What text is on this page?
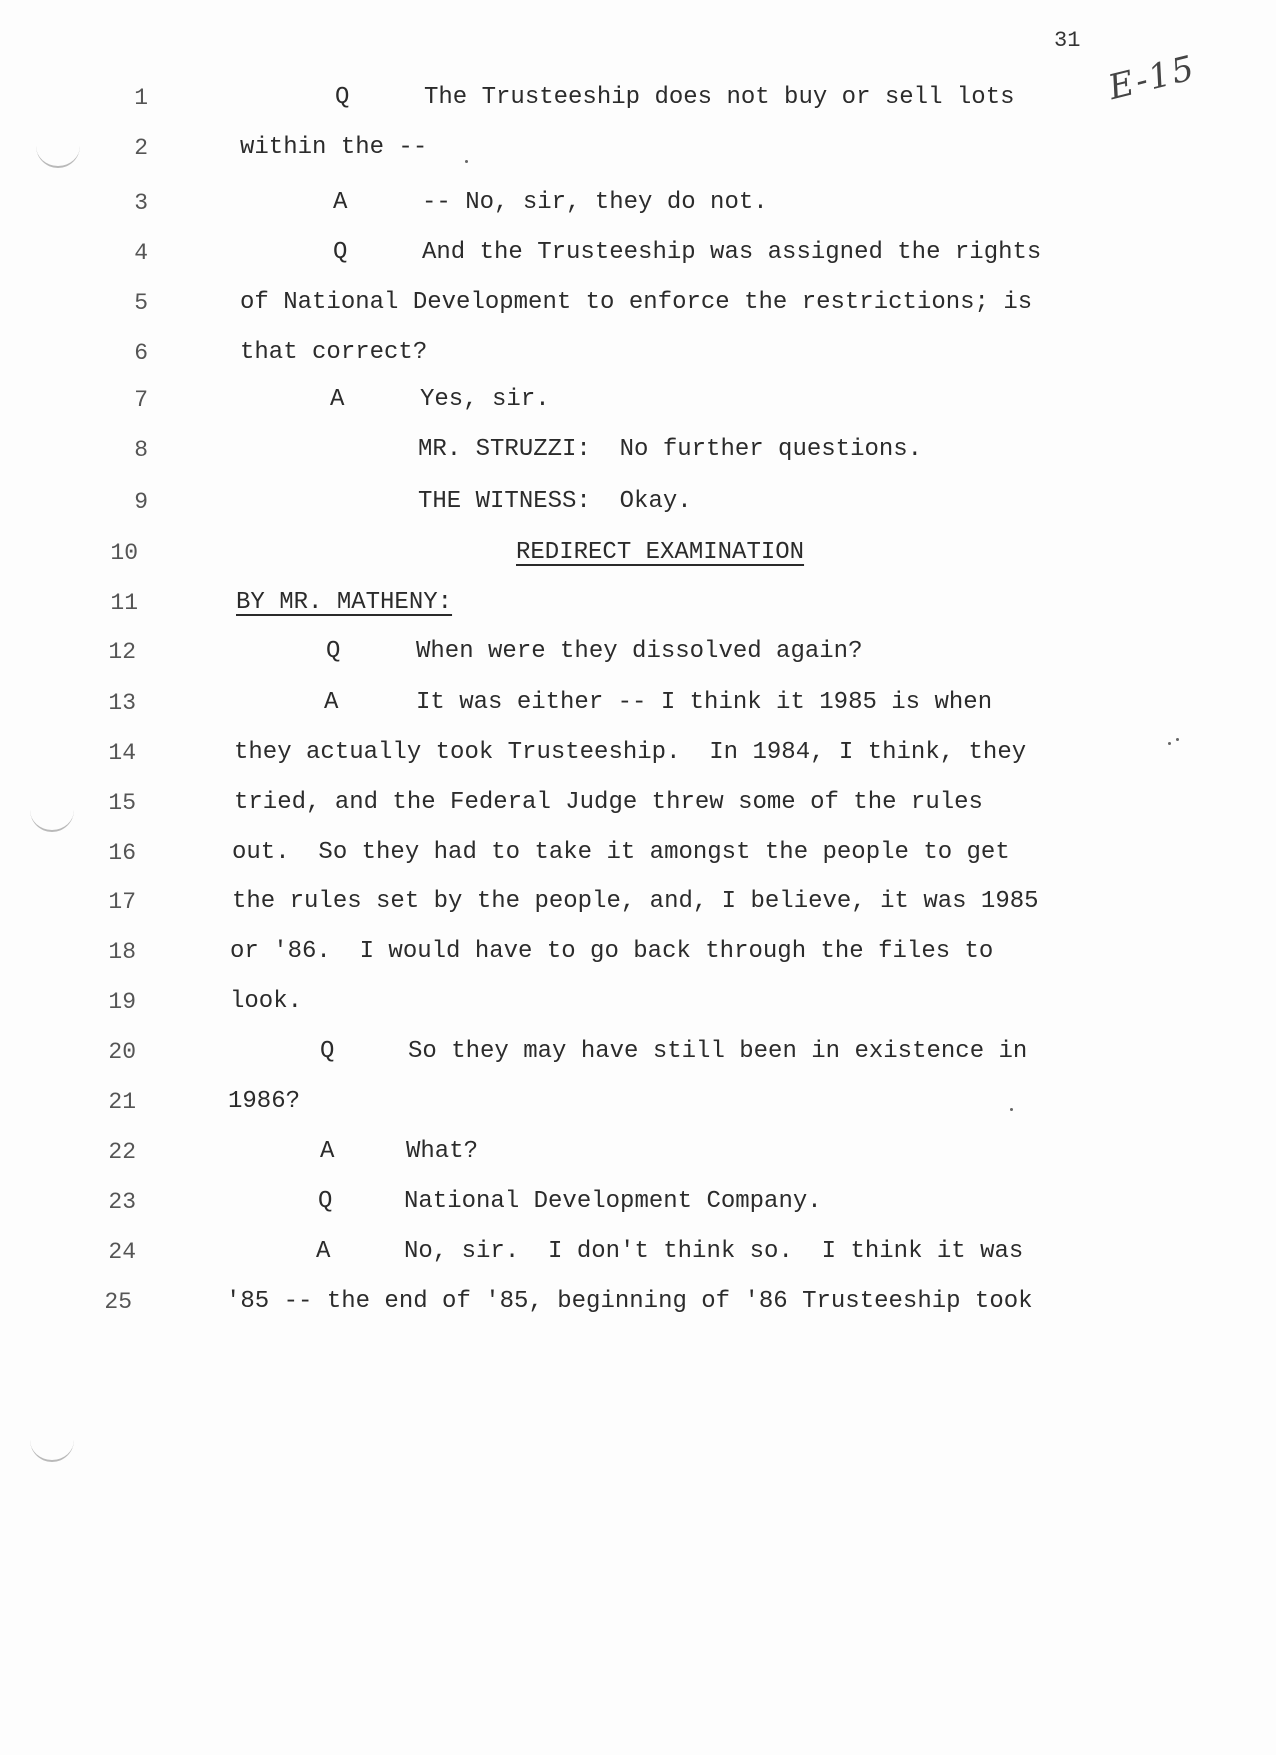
31
E-15
1	Q	The Trusteeship does not buy or sell lots
2	within the --
3	A	-- No, sir, they do not.
4	Q	And the Trusteeship was assigned the rights
5	of National Development to enforce the restrictions; is
6	that correct?
7	A	Yes, sir.
8	MR. STRUZZI:  No further questions.
9	THE WITNESS:  Okay.
10	REDIRECT EXAMINATION
11	BY MR. MATHENY:
12	Q	When were they dissolved again?
13	A	It was either -- I think it 1985 is when
14	they actually took Trusteeship.  In 1984, I think, they
15	tried, and the Federal Judge threw some of the rules
16	out.  So they had to take it amongst the people to get
17	the rules set by the people, and, I believe, it was 1985
18	or '86.  I would have to go back through the files to
19	look.
20	Q	So they may have still been in existence in
21	1986?
22	A	What?
23	Q	National Development Company.
24	A	No, sir.  I don't think so.  I think it was
25	'85 -- the end of '85, beginning of '86 Trusteeship took
